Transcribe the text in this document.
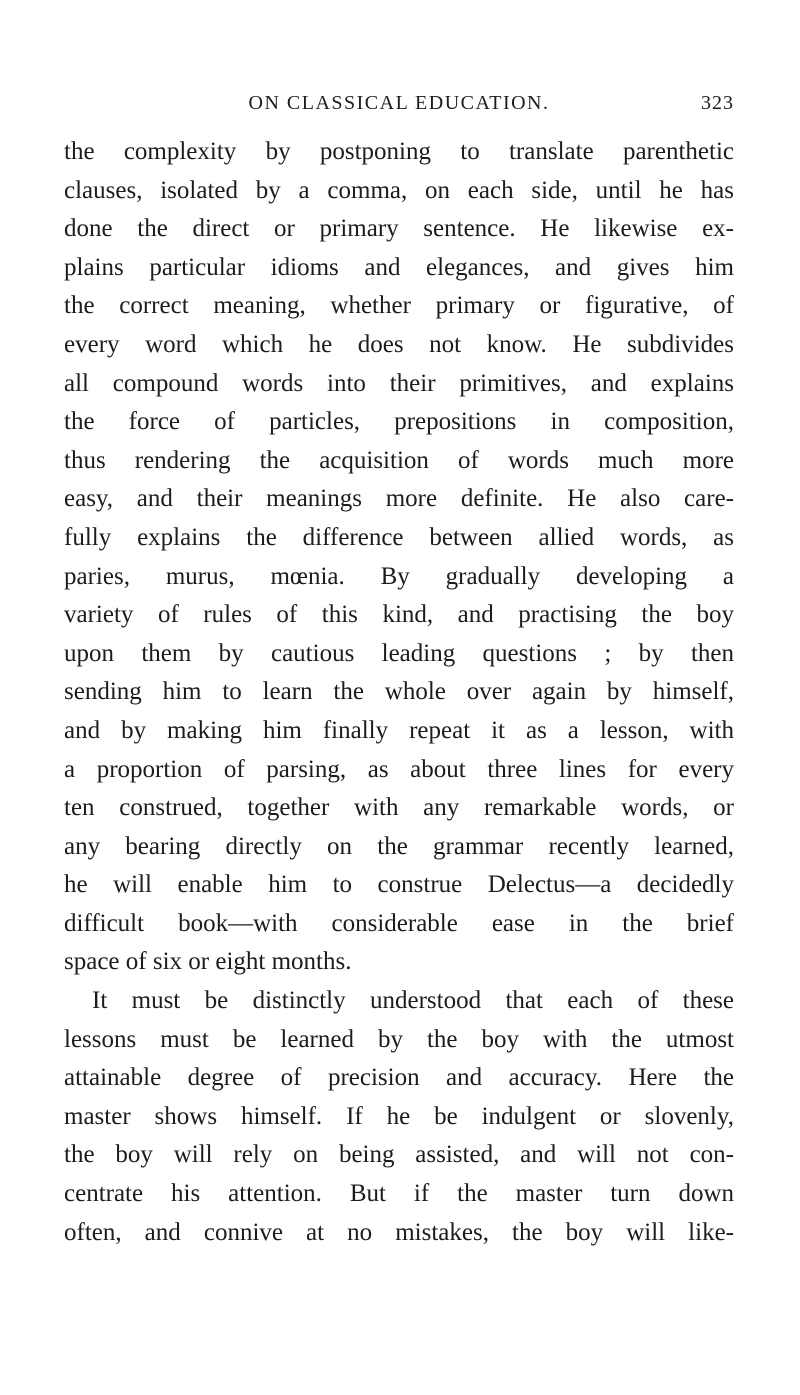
ON CLASSICAL EDUCATION.	323
the complexity by postponing to translate parenthetic
clauses, isolated by a comma, on each side, until he has
done the direct or primary sentence. He likewise ex-
plains particular idioms and elegances, and gives him
the correct meaning, whether primary or figurative, of
every word which he does not know. He subdivides
all compound words into their primitives, and explains
the force of particles, prepositions in composition,
thus rendering the acquisition of words much more
easy, and their meanings more definite. He also care-
fully explains the difference between allied words, as
paries, murus, mœnia. By gradually developing a
variety of rules of this kind, and practising the boy
upon them by cautious leading questions ; by then
sending him to learn the whole over again by himself,
and by making him finally repeat it as a lesson, with
a proportion of parsing, as about three lines for every
ten construed, together with any remarkable words, or
any bearing directly on the grammar recently learned,
he will enable him to construe Delectus—a decidedly
difficult book—with considerable ease in the brief
space of six or eight months.
It must be distinctly understood that each of these
lessons must be learned by the boy with the utmost
attainable degree of precision and accuracy. Here the
master shows himself. If he be indulgent or slovenly,
the boy will rely on being assisted, and will not con-
centrate his attention. But if the master turn down
often, and connive at no mistakes, the boy will like-
